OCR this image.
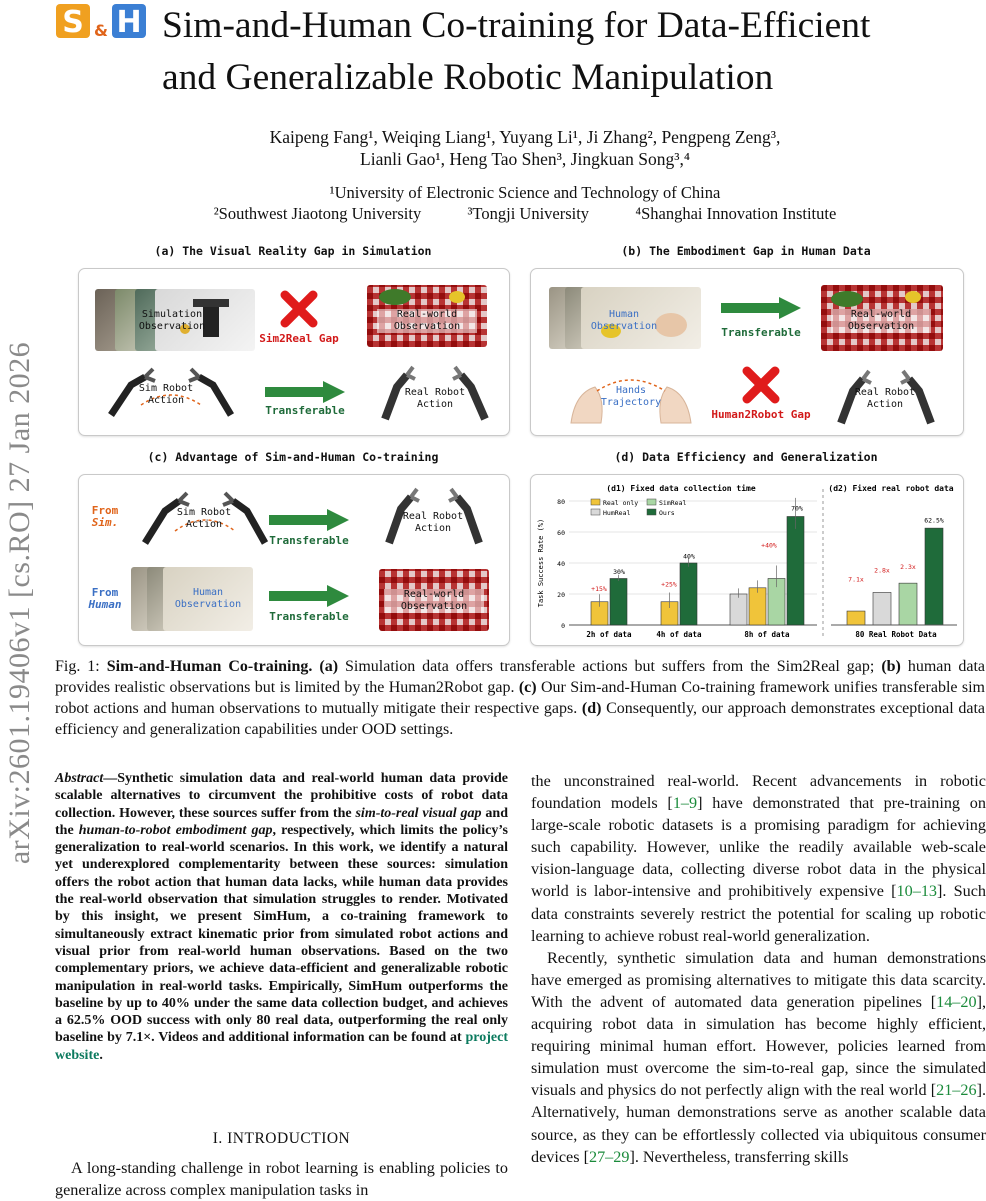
arXiv:2601.19406v1 [cs.RO] 27 Jan 2026
S H
& Sim-and-Human Co-training for Data-Efficient
and Generalizable Robotic Manipulation
Kaipeng Fang¹, Weiqing Liang¹, Yuyang Li¹, Ji Zhang², Pengpeng Zeng³,
Lianli Gao¹, Heng Tao Shen³, Jingkuan Song³,⁴
¹University of Electronic Science and Technology of China
²Southwest Jiaotong University	³Tongji University	⁴Shanghai Innovation Institute
(a) The Visual Reality Gap in Simulation	(b) The Embodiment Gap in Human Data
(c) Advantage of Sim-and-Human Co-training	(d) Data Efficiency and Generalization
Simulation Observation
Sim2Real Gap
Real-world Observation
Sim Robot Action
Transferable
Real Robot Action
Human Observation	Transferable
Real-world Observation
Hands Trajectory
Human2Robot Gap
Real Robot Action
From
Sim.
Sim Robot Action
Transferable
Real Robot Action
From
Human
Human Observation
Transferable
Real-world Observation
(d1) Fixed data collection time	(d2) Fixed real robot data
Task Success Rate (%)
0
20
40
60
80	Real only	SimReal
HumReal	Ours
2h of data	4h of data	8h of data
+15%
30%
+25%
40%
+40%
70%
7.1x
2.8x 2.3x
62.5%
80 Real Robot Data
Fig. 1: Sim-and-Human Co-training. (a) Simulation data offers transferable actions but suffers from the Sim2Real gap; (b) human data provides realistic observations but is limited by the Human2Robot gap. (c) Our Sim-and-Human Co-training framework unifies transferable sim robot actions and human observations to mutually mitigate their respective gaps. (d) Consequently, our approach demonstrates exceptional data efficiency and generalization capabilities under OOD settings.
Abstract—Synthetic simulation data and real-world human data provide scalable alternatives to circumvent the prohibitive costs of robot data collection. However, these sources suffer from the sim-to-real visual gap and the human-to-robot embodiment gap, respectively, which limits the policy’s generalization to real-world scenarios. In this work, we identify a natural yet underexplored complementarity between these sources: simulation offers the robot action that human data lacks, while human data provides the real-world observation that simulation struggles to render. Motivated by this insight, we present SimHum, a co-training framework to simultaneously extract kinematic prior from simulated robot actions and visual prior from real-world human observations. Based on the two complementary priors, we achieve data-efficient and generalizable robotic manipulation in real-world tasks. Empirically, SimHum outperforms the baseline by up to 40% under the same data collection budget, and achieves a 62.5% OOD success with only 80 real data, outperforming the real only baseline by 7.1×. Videos and additional information can be found at project website.
I. INTRODUCTION
A long-standing challenge in robot learning is enabling policies to generalize across complex manipulation tasks in
the unconstrained real-world. Recent advancements in robotic foundation models [1–9] have demonstrated that pre-training on large-scale robotic datasets is a promising paradigm for achieving such capability. However, unlike the readily available web-scale vision-language data, collecting diverse robot data in the physical world is labor-intensive and prohibitively expensive [10–13]. Such data constraints severely restrict the potential for scaling up robotic learning to achieve robust real-world generalization.
Recently, synthetic simulation data and human demonstrations have emerged as promising alternatives to mitigate this data scarcity. With the advent of automated data generation pipelines [14–20], acquiring robot data in simulation has become highly efficient, requiring minimal human effort. However, policies learned from simulation must overcome the sim-to-real gap, since the simulated visuals and physics do not perfectly align with the real world [21–26]. Alternatively, human demonstrations serve as another scalable data source, as they can be effortlessly collected via ubiquitous consumer devices [27–29]. Nevertheless, transferring skills
